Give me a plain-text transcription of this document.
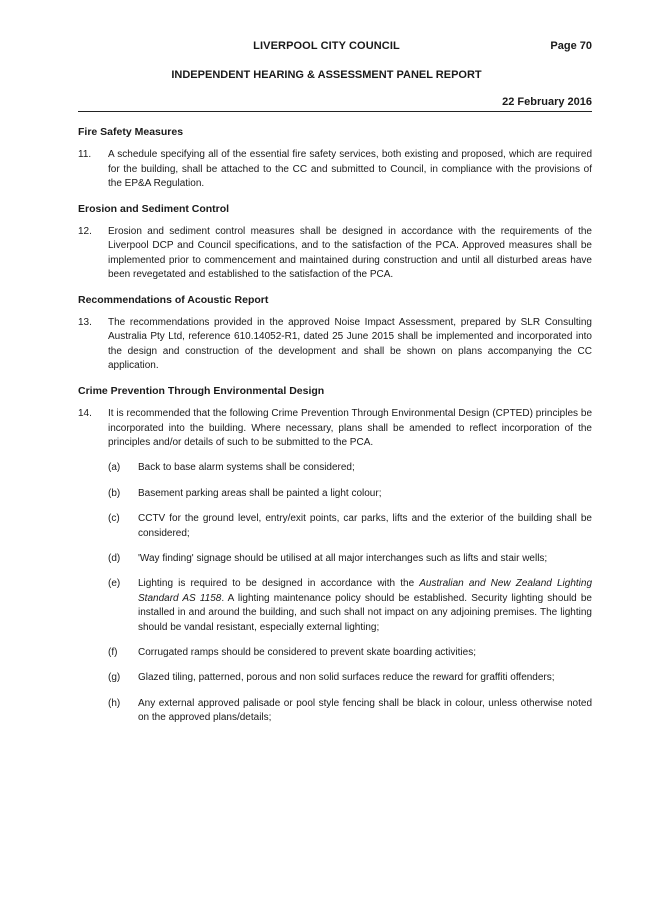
LIVERPOOL CITY COUNCIL	Page 70
INDEPENDENT HEARING & ASSESSMENT PANEL REPORT
22 February 2016
Fire Safety Measures
11. A schedule specifying all of the essential fire safety services, both existing and proposed, which are required for the building, shall be attached to the CC and submitted to Council, in compliance with the provisions of the EP&A Regulation.
Erosion and Sediment Control
12. Erosion and sediment control measures shall be designed in accordance with the requirements of the Liverpool DCP and Council specifications, and to the satisfaction of the PCA. Approved measures shall be implemented prior to commencement and maintained during construction and until all disturbed areas have been revegetated and established to the satisfaction of the PCA.
Recommendations of Acoustic Report
13. The recommendations provided in the approved Noise Impact Assessment, prepared by SLR Consulting Australia Pty Ltd, reference 610.14052-R1, dated 25 June 2015 shall be implemented and incorporated into the design and construction of the development and shall be shown on plans accompanying the CC application.
Crime Prevention Through Environmental Design
14. It is recommended that the following Crime Prevention Through Environmental Design (CPTED) principles be incorporated into the building. Where necessary, plans shall be amended to reflect incorporation of the principles and/or details of such to be submitted to the PCA.
(a) Back to base alarm systems shall be considered;
(b) Basement parking areas shall be painted a light colour;
(c) CCTV for the ground level, entry/exit points, car parks, lifts and the exterior of the building shall be considered;
(d) 'Way finding' signage should be utilised at all major interchanges such as lifts and stair wells;
(e) Lighting is required to be designed in accordance with the Australian and New Zealand Lighting Standard AS 1158. A lighting maintenance policy should be established. Security lighting should be installed in and around the building, and such shall not impact on any adjoining premises. The lighting should be vandal resistant, especially external lighting;
(f) Corrugated ramps should be considered to prevent skate boarding activities;
(g) Glazed tiling, patterned, porous and non solid surfaces reduce the reward for graffiti offenders;
(h) Any external approved palisade or pool style fencing shall be black in colour, unless otherwise noted on the approved plans/details;
